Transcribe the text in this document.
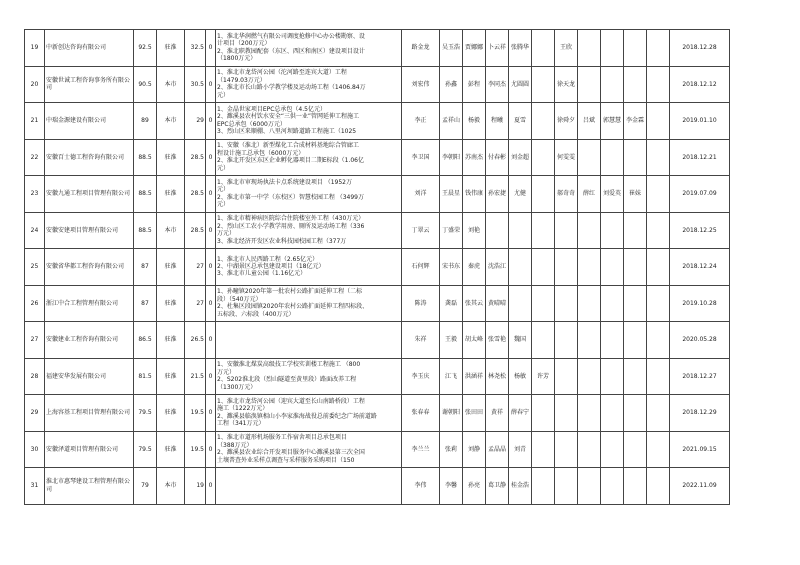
19	中新创达咨询有限公司	92.5	驻淮	32.5	0	1、淮北华润燃气有限公司调度抢修中心办公楼勘察、设
计项目（200万元）
2、淮北职教园配套（东区、西区和南区）建设项目设计
（1800万元）	路金龙	吴玉浩	贾娜娜	卜云祥	张腾华		王欣					2018.12.28
20	安徽世诚工程咨询事务所有限公司	90.5	本市	30.5	0	1、淮北市龙岱河公园（沱河路至连宾大道）工程
（1479.03万元）
2、淮北市长山路小学教学楼及运动场工程（1406.84万
元）	刘宏伟	孙鑫	彭程	李同杰	尤圆圆		徐天龙					2018.12.12
21	中瑞金源建设有限公司	89	本市	29	0	1、金晶世家项目EPC总承包（4.5亿元）
2、濉溪县农村饮水安全“三供一业”管网延伸工程施工
EPC总承包（6000万元）
3、烈山区来顺棚、八里河坝路道路工程施工（1025	李正	孟祥山	杨毅	程曦	夏雪		徐舜夕	吕斌	郭慧慧	李金霖		2019.01.10
22	安徽百士德工程咨询有限公司	88.5	驻淮	28.5	0	1、安徽（淮北）新型煤化工合成材料基地综合管廊工
程设计施工总承包（6000万元）
2、淮北开发区东区企业孵化器项目二期E标段（1.06亿
元）	李卫国	李朝阳	苏南杰	付春彬	刘金超		何雯雯					2018.12.21
23	安徽九通工程项目管理有限公司	88.5	驻淮	28.5	0	1、淮北市审现场执法卡点系统建设项目 （1952万
元）
2、淮北市第一中学（东校区）智慧校园工程 （3499万
元）	刘洋	王晨星	钱伟康	孙宏捷	尤健		郝奇奇	薛红	刘爱英	崔妹		2019.07.09
24	安徽安建项目管理有限公司	88.5	本市	28.5	0	1、淮北市精神病医院综合住院楼室外工程（430万元）
2、烈山区工农小学教学用房、厕所及运动场工程（336
万元）
3、淮北经济开发区农业科技园校园工程（377万	丁翠云	丁盛荣	刘艳									2018.12.25
25	安徽省华都工程咨询有限公司	87	驻淮	27	0	1、淮北市人民西路工程（2.65亿元）
2、中湖景区总承包建设项目（18亿元）
3、淮北市儿童公园（1.16亿元）	石何辉	宋书东	秦虎	沈浩江								2018.12.24
26	浙江中合工程管理有限公司	87	驻淮	27	0	1、孙疃镇2020年第一批农村公路扩面延伸工程（二标
段）（540万元）
2、杜集区段园镇2020年农村公路扩面延伸工程四标段、
五标段、六标段（400万元）	陈涛	龚磊	张其云	黄晴晴								2019.10.28
27	安徽建业工程咨询有限公司	86.5	驻淮	26.5	0		朱祥	王毅	胡太峰	张雪艳	魏国							2020.05.28
28	福建安华发展有限公司	81.5	驻淮	21.5	0	1、安徽淮北煤炭高级技工学校实训楼工程施工 （800
万元）
2、S202淮北段（烈山隧道至黄里段）路面改养工程
（1300万元）	李玉庆	江飞	洪涵祥	林尧松	杨敏	许芳						2018.12.27
29	上海容基工程项目管理有限公司	79.5	驻淮	19.5	0	1、淮北市龙岱河公园（迎宾大道至长山南路桥段）工程
施工（1222万元）
2、濉溪县临涣镇相山小李家淮海战役总前委纪念广场前道路
工程（341万元）	张春春	谢朝阳	张田田	黄祥	薛春宁							2018.12.29
30	安徽泽道项目管理有限公司	79.5	驻淮	19.5	0	1、淮北市道形机场服务工作宿舍项目总承包项目
（388万元）
2、濉溪县农业综合开发项目服务中心濉溪县第三次全国
土壤普查外业采样点调查与采样服务采购项目（150	李兰兰	张莉	刘静	孟晶晶	刘青							2021.09.15
31	淮北市惠琴建设工程管理有限公司	79	本市	19	0		李伟	李馨	孙亮	葛卫静	桂金浩							2022.11.09
